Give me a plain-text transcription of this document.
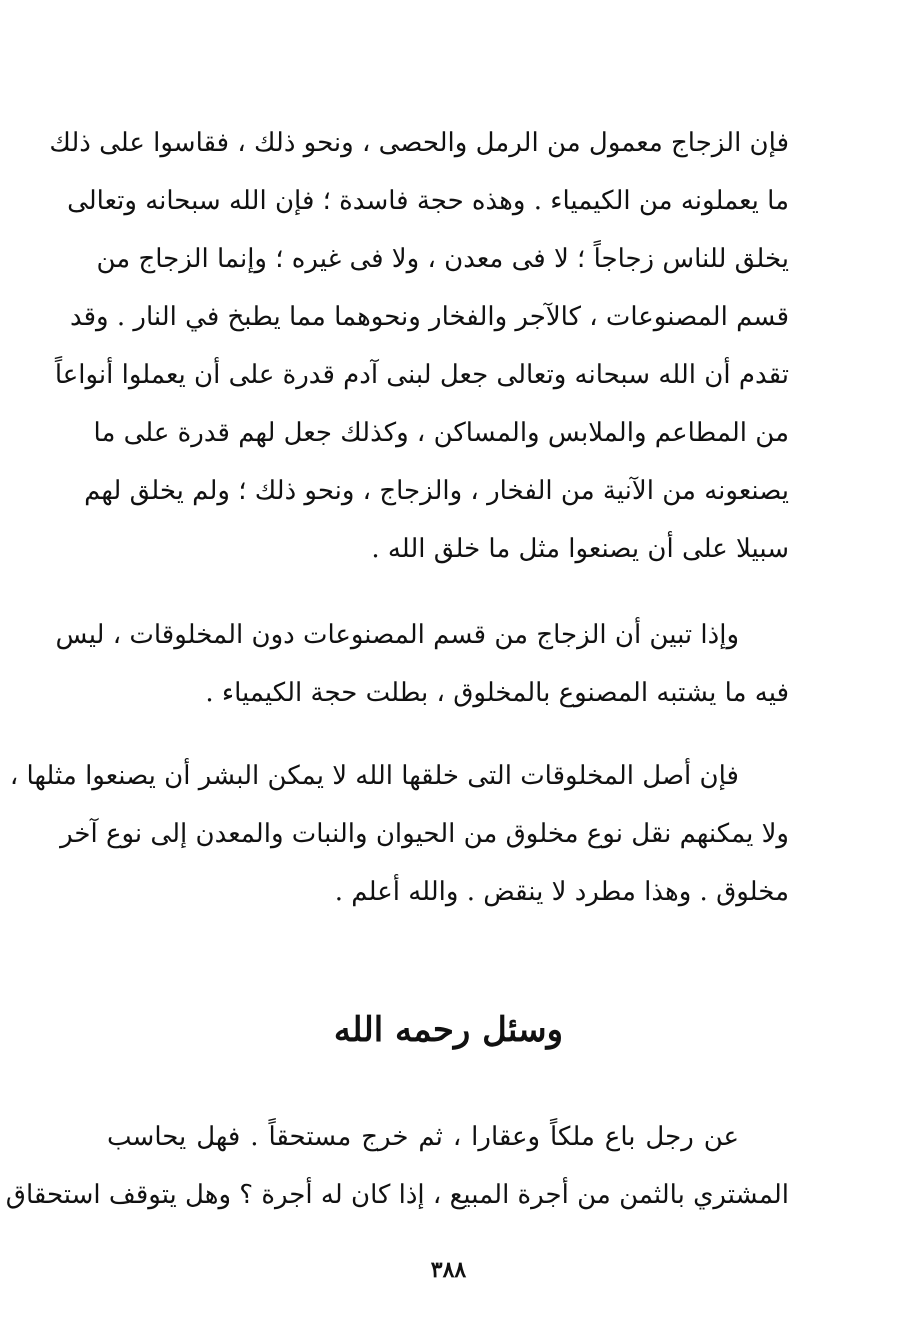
فإن الزجاج معمول من الرمل والحصى ، ونحو ذلك ، فقاسوا على ذلك
ما يعملونه من الكيمياء . وهذه حجة فاسدة ؛ فإن الله سبحانه وتعالى
يخلق للناس زجاجاً ؛ لا فى معدن ، ولا فى غيره ؛ وإنما الزجاج من
قسم المصنوعات ، كالآجر والفخار ونحوهما مما يطبخ في النار . وقد
تقدم أن الله سبحانه وتعالى جعل لبنى آدم قدرة على أن يعملوا أنواعاً
من المطاعم والملابس والمساكن ، وكذلك جعل لهم قدرة على ما
يصنعونه من الآنية من الفخار ، والزجاج ، ونحو ذلك ؛ ولم يخلق لهم
سبيلا على أن يصنعوا مثل ما خلق الله .
وإذا تبين أن الزجاج من قسم المصنوعات دون المخلوقات ، ليس
فيه ما يشتبه المصنوع بالمخلوق ، بطلت حجة الكيمياء .
فإن أصل المخلوقات التى خلقها الله لا يمكن البشر أن يصنعوا مثلها ،
ولا يمكنهم نقل نوع مخلوق من الحيوان والنبات والمعدن إلى نوع آخر
مخلوق . وهذا مطرد لا ينقض . والله أعلم .
وسئل رحمه الله
عن رجل باع ملكاً وعقارا ، ثم خرج مستحقاً . فهل يحاسب
المشتري بالثمن من أجرة المبيع ، إذا كان له أجرة ؟ وهل يتوقف استحقاق
٣٨٨
